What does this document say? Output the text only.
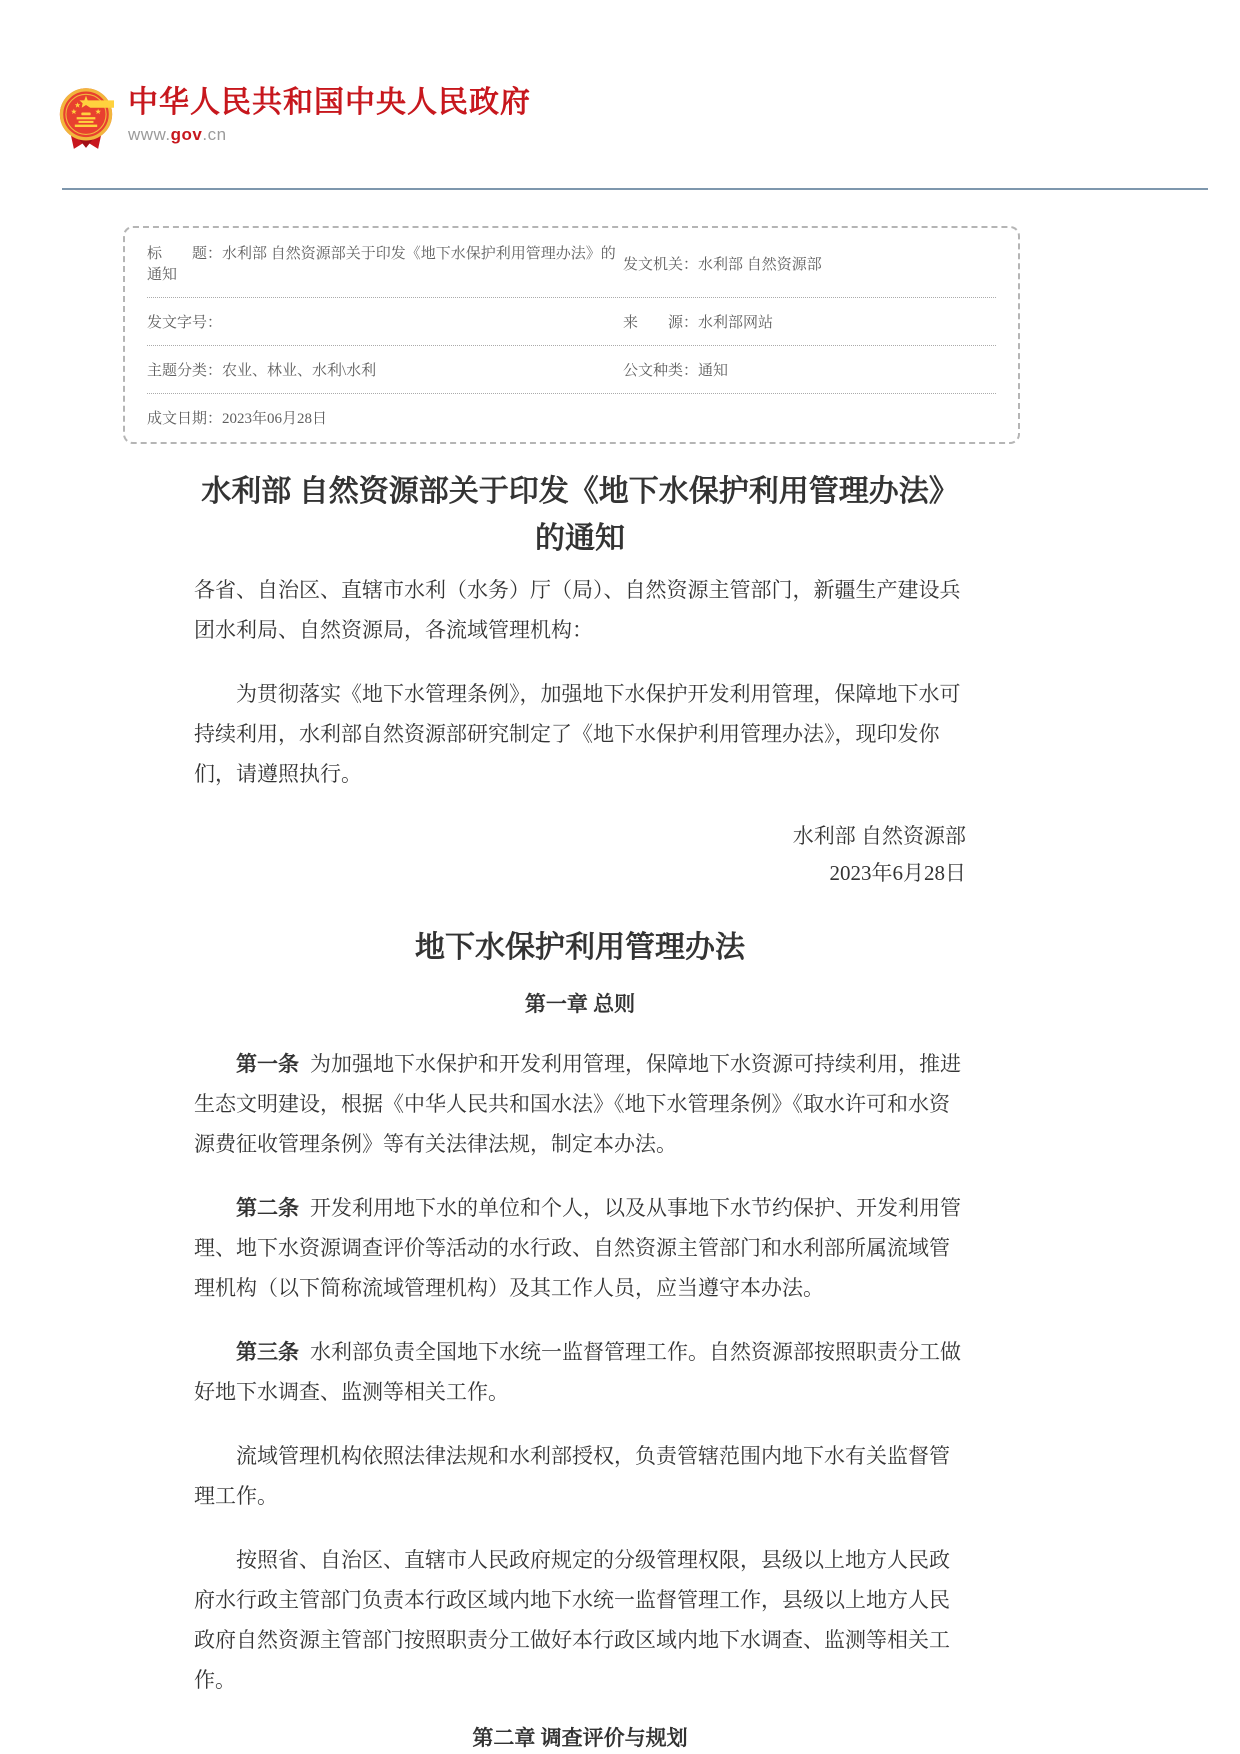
中华人民共和国中央人民政府
www.gov.cn
标　　题：水利部 自然资源部关于印发《地下水保护利用管理办法》的通知
发文机关：水利部 自然资源部
发文字号：	来　　源：水利部网站
主题分类：农业、林业、水利\水利	公文种类：通知
成文日期：2023年06月28日
水利部 自然资源部关于印发《地下水保护利用管理办法》的通知

各省、自治区、直辖市水利（水务）厅（局）、自然资源主管部门，新疆生产建设兵团水利局、自然资源局，各流域管理机构：

为贯彻落实《地下水管理条例》，加强地下水保护开发利用管理，保障地下水可持续利用，水利部自然资源部研究制定了《地下水保护利用管理办法》，现印发你们，请遵照执行。

水利部 自然资源部

2023年6月28日

地下水保护利用管理办法
第一章 总则

第一条 为加强地下水保护和开发利用管理，保障地下水资源可持续利用，推进生态文明建设，根据《中华人民共和国水法》《地下水管理条例》《取水许可和水资源费征收管理条例》等有关法律法规，制定本办法。

第二条 开发利用地下水的单位和个人，以及从事地下水节约保护、开发利用管理、地下水资源调查评价等活动的水行政、自然资源主管部门和水利部所属流域管理机构（以下简称流域管理机构）及其工作人员，应当遵守本办法。

第三条 水利部负责全国地下水统一监督管理工作。自然资源部按照职责分工做好地下水调查、监测等相关工作。

流域管理机构依照法律法规和水利部授权，负责管辖范围内地下水有关监督管理工作。

按照省、自治区、直辖市人民政府规定的分级管理权限，县级以上地方人民政府水行政主管部门负责本行政区域内地下水统一监督管理工作，县级以上地方人民政府自然资源主管部门按照职责分工做好本行政区域内地下水调查、监测等相关工作。

第二章 调查评价与规划
